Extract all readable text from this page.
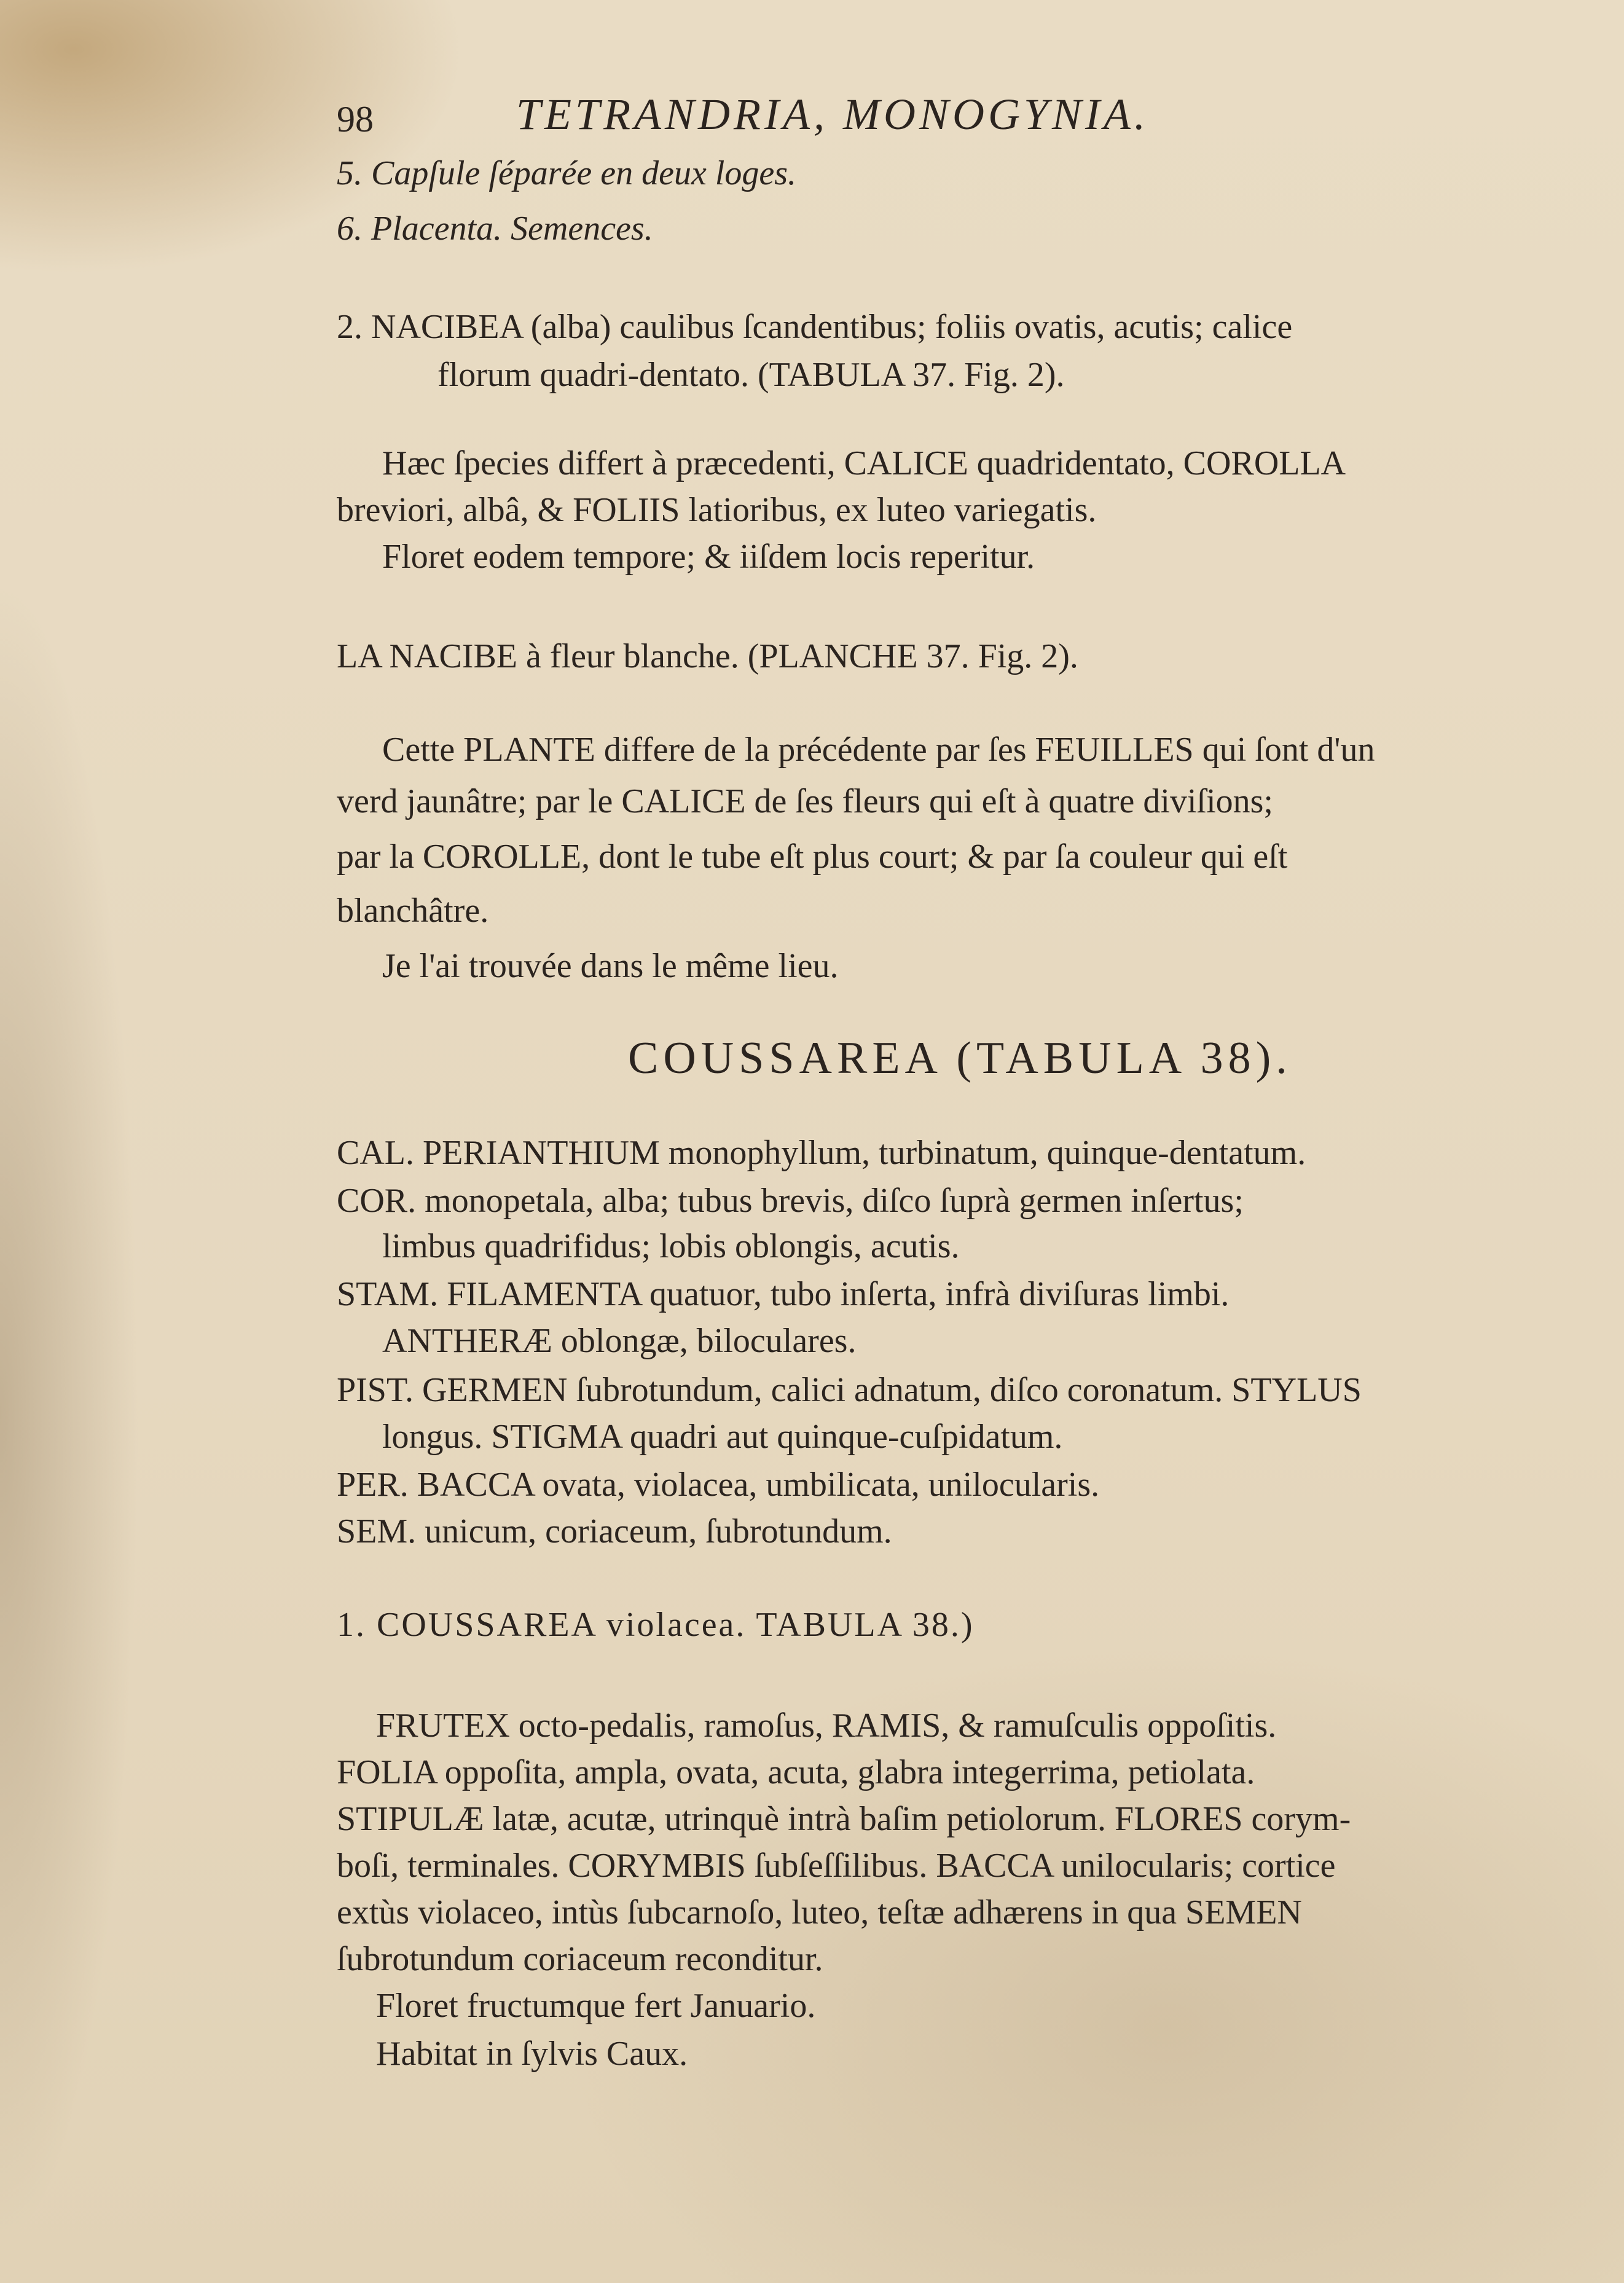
98	TETRANDRIA, MONOGYNIA.
5. Capſule ſéparée en deux loges.
6. Placenta. Semences.
2. NACIBEA (alba) caulibus ſcandentibus; foliis ovatis, acutis; calice
florum quadri-dentato. (TABULA 37. Fig. 2).
Hæc ſpecies differt à præcedenti, CALICE quadridentato, COROLLA
breviori, albâ, & FOLIIS latioribus, ex luteo variegatis.
Floret eodem tempore; & iiſdem locis reperitur.
LA NACIBE à fleur blanche. (PLANCHE 37. Fig. 2).
Cette PLANTE differe de la précédente par ſes FEUILLES qui ſont d'un
verd jaunâtre; par le CALICE de ſes fleurs qui eſt à quatre diviſions;
par la COROLLE, dont le tube eſt plus court; & par ſa couleur qui eſt
blanchâtre.
Je l'ai trouvée dans le même lieu.
COUSSAREA (TABULA 38).
CAL. PERIANTHIUM monophyllum, turbinatum, quinque-dentatum.
COR. monopetala, alba; tubus brevis, diſco ſuprà germen inſertus;
limbus quadrifidus; lobis oblongis, acutis.
STAM. FILAMENTA quatuor, tubo inſerta, infrà diviſuras limbi.
ANTHERÆ oblongæ, biloculares.
PIST. GERMEN ſubrotundum, calici adnatum, diſco coronatum. STYLUS
longus. STIGMA quadri aut quinque-cuſpidatum.
PER. BACCA ovata, violacea, umbilicata, unilocularis.
SEM. unicum, coriaceum, ſubrotundum.
1. COUSSAREA violacea. TABULA 38.)
FRUTEX octo-pedalis, ramoſus, RAMIS, & ramuſculis oppoſitis.
FOLIA oppoſita, ampla, ovata, acuta, glabra integerrima, petiolata.
STIPULÆ latæ, acutæ, utrinquè intrà baſim petiolorum. FLORES corym-
boſi, terminales. CORYMBIS ſubſeſſilibus. BACCA unilocularis; cortice
extùs violaceo, intùs ſubcarnoſo, luteo, teſtæ adhærens in qua SEMEN
ſubrotundum coriaceum reconditur.
Floret fructumque fert Januario.
Habitat in ſylvis Caux.
